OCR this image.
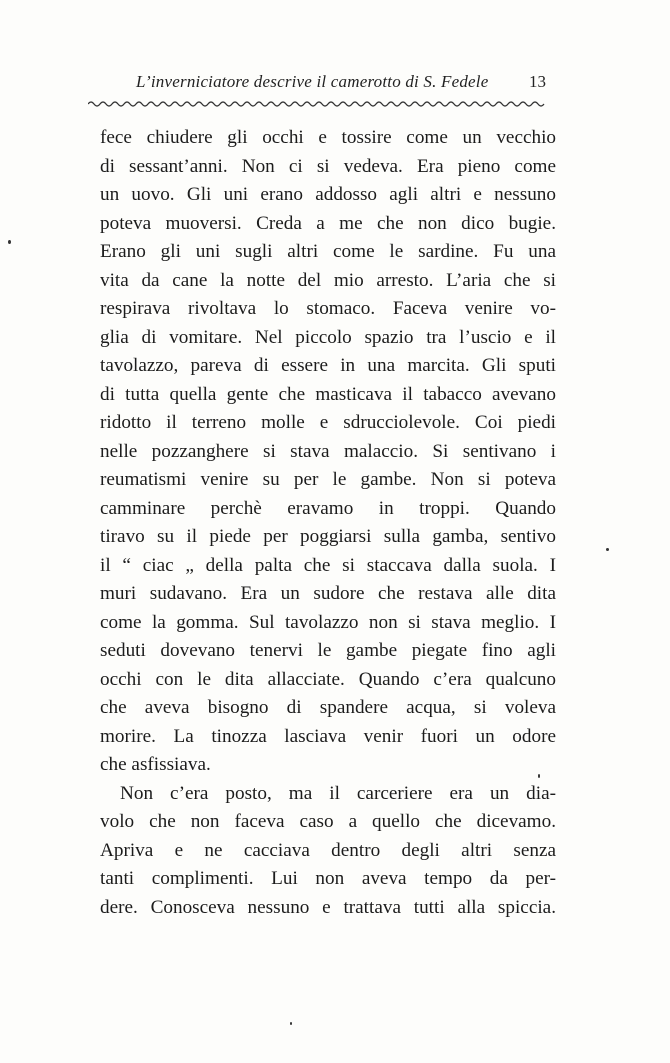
L’inverniciatore descrive il camerotto di S. Fedele 13
fece chiudere gli occhi e tossire come un vecchio
di sessant’anni. Non ci si vedeva. Era pieno come
un uovo. Gli uni erano addosso agli altri e nessuno
poteva muoversi. Creda a me che non dico bugie.
Erano gli uni sugli altri come le sardine. Fu una
vita da cane la notte del mio arresto. L’aria che si
respirava rivoltava lo stomaco. Faceva venire vo-
glia di vomitare. Nel piccolo spazio tra l’uscio e il
tavolazzo, pareva di essere in una marcita. Gli sputi
di tutta quella gente che masticava il tabacco avevano
ridotto il terreno molle e sdrucciolevole. Coi piedi
nelle pozzanghere si stava malaccio. Si sentivano i
reumatismi venire su per le gambe. Non si poteva
camminare perchè eravamo in troppi. Quando
tiravo su il piede per poggiarsi sulla gamba, sentivo
il “ ciac „ della palta che si staccava dalla suola. I
muri sudavano. Era un sudore che restava alle dita
come la gomma. Sul tavolazzo non si stava meglio. I
seduti dovevano tenervi le gambe piegate fino agli
occhi con le dita allacciate. Quando c’era qualcuno
che aveva bisogno di spandere acqua, si voleva
morire. La tinozza lasciava venir fuori un odore
che asfissiava.
Non c’era posto, ma il carceriere era un dia-
volo che non faceva caso a quello che dicevamo.
Apriva e ne cacciava dentro degli altri senza
tanti complimenti. Lui non aveva tempo da per-
dere. Conosceva nessuno e trattava tutti alla spiccia.
